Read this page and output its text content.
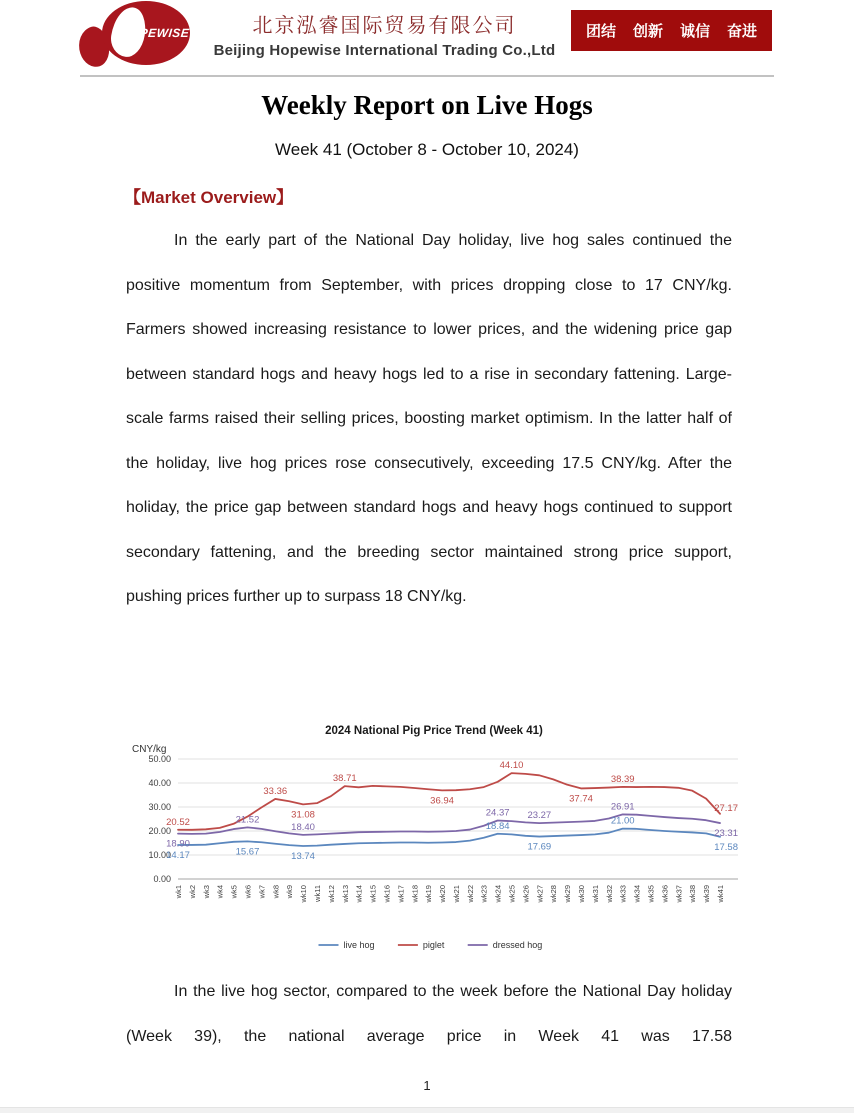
HOPEWISE	北京泓睿国际贸易有限公司
Beijing Hopewise International Trading Co.,Ltd
团结 创新 诚信 奋进
Weekly Report on Live Hogs
Week 41 (October 8 - October 10, 2024)
【Market Overview】

In the early part of the National Day holiday, live hog sales continued the positive momentum from September, with prices dropping close to 17 CNY/kg. Farmers showed increasing resistance to lower prices, and the widening price gap between standard hogs and heavy hogs led to a rise in secondary fattening. Large-scale farms raised their selling prices, boosting market optimism. In the latter half of the holiday, live hog prices rose consecutively, exceeding 17.5 CNY/kg. After the holiday, the price gap between standard hogs and heavy hogs continued to support secondary fattening, and the breeding sector maintained strong price support, pushing prices further up to surpass 18 CNY/kg.

2024 National Pig Price Trend (Week 41)
CNY/kg
0.00
10.00
20.00
30.00
40.00
50.00
wk1 wk2 wk3 wk4 wk5 wk6 wk7 wk8 wk9 wk10 wk11 wk12 wk13 wk14 wk15 wk16 wk17 wk18 wk19 wk20 wk21 wk22 wk23 wk24 wk25 wk26 wk27 wk28 wk29 wk30 wk31 wk32 wk33 wk34 wk35 wk36 wk37 wk38 wk39 wk41
14.17	15.67	13.74
18.84
17.69
21.00
17.58
20.52
33.36
31.08
38.71
36.94
44.10
37.74
38.39
27.17
18.90
21.52
18.40
24.37 23.27
26.91
23.31
live hog	piglet	dressed hog

In the live hog sector, compared to the week before the National Day holiday (Week 39), the national average price in Week 41 was 17.58

1
